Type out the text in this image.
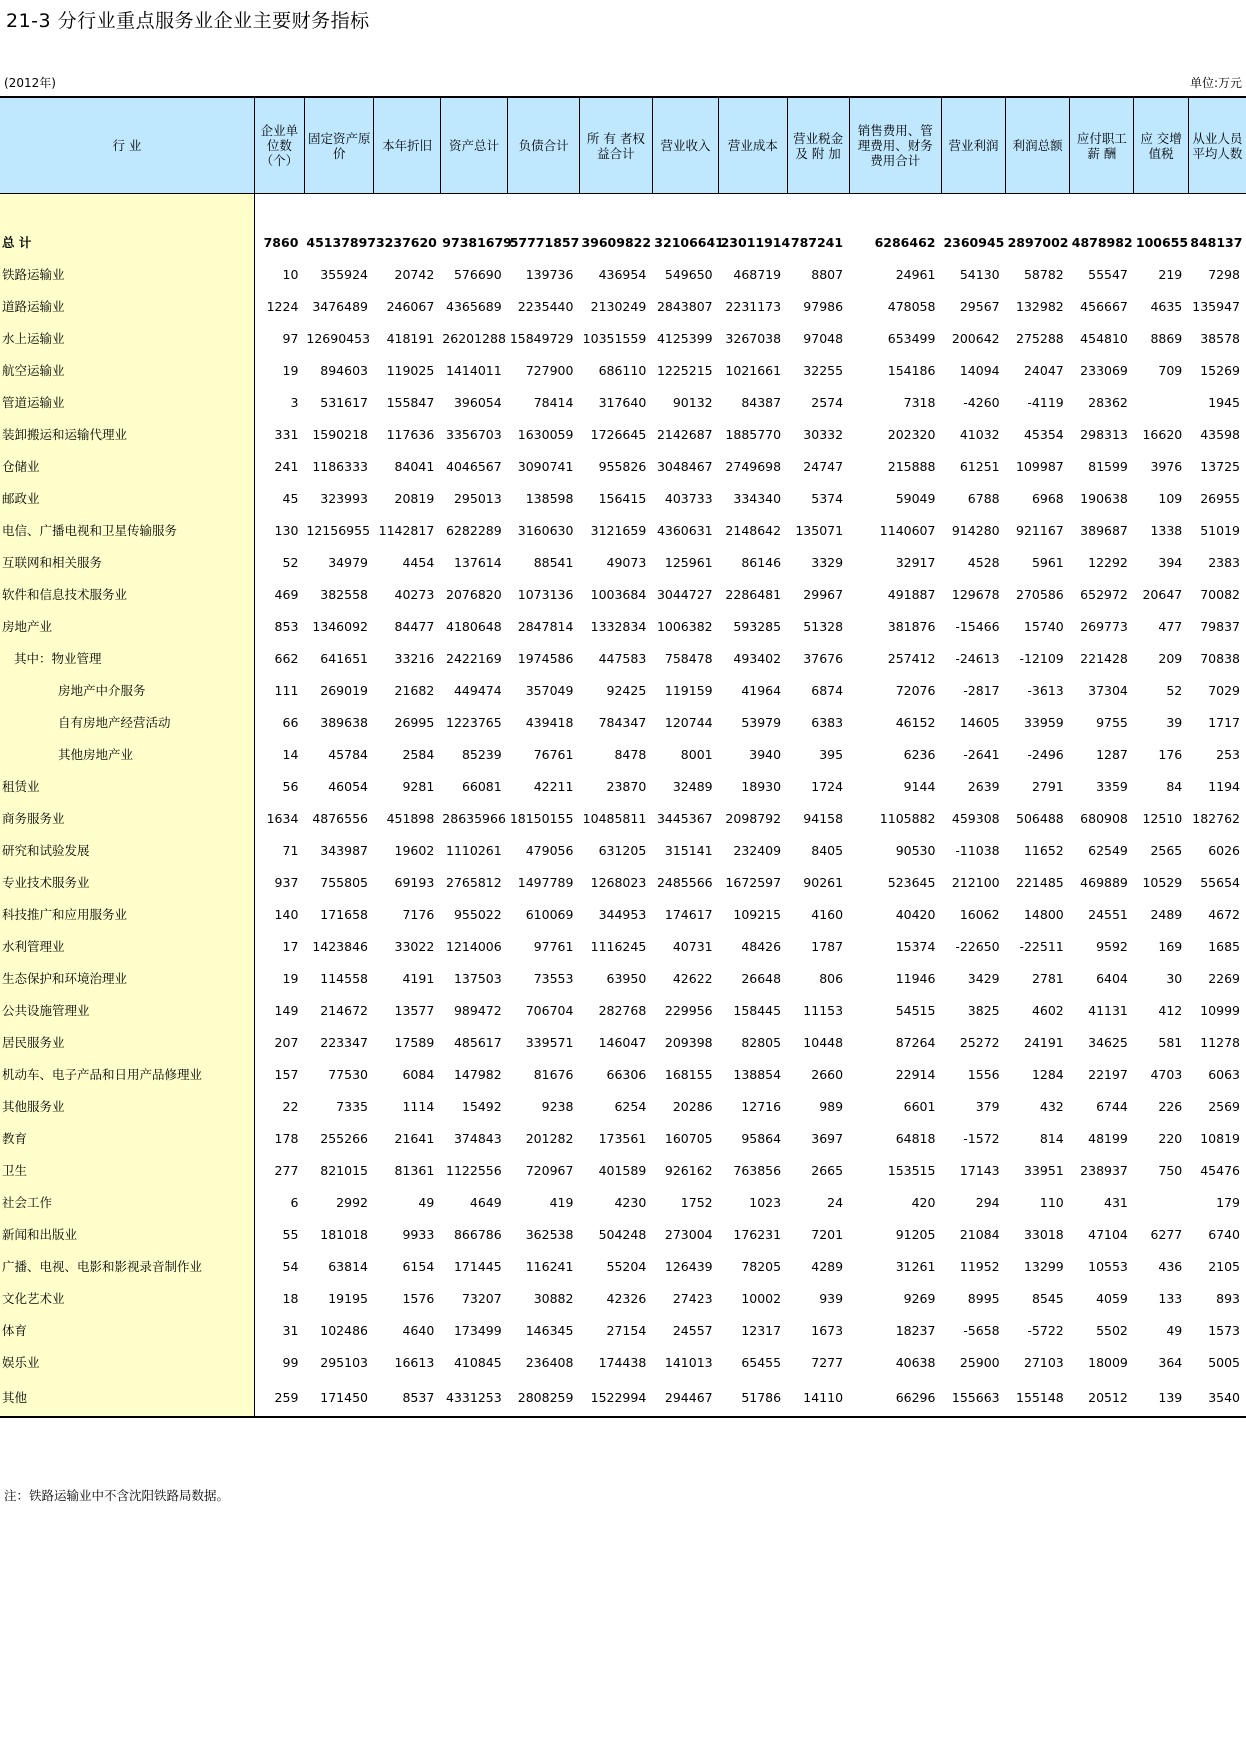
21-3 分行业重点服务业企业主要财务指标
(2012年)	单位:万元
行 业	企业单位数（个）	固定资产原 价	本年折旧	资产总计	负债合计	所 有 者权益合计	营业收入	营业成本	营业税金及 附 加	销售费用、管理费用、财务费用合计	营业利润	利润总额	应付职工薪 酬	应 交增值税	从业人员平均人数

总 计	7860	45137897	3237620	97381679	57771857	39609822	32106641	23011914	787241	6286462	2360945	2897002	4878982	100655	848137
铁路运输业	10	355924	20742	576690	139736	436954	549650	468719	8807	24961	54130	58782	55547	219	7298
道路运输业	1224	3476489	246067	4365689	2235440	2130249	2843807	2231173	97986	478058	29567	132982	456667	4635	135947
水上运输业	97	12690453	418191	26201288	15849729	10351559	4125399	3267038	97048	653499	200642	275288	454810	8869	38578
航空运输业	19	894603	119025	1414011	727900	686110	1225215	1021661	32255	154186	14094	24047	233069	709	15269
管道运输业	3	531617	155847	396054	78414	317640	90132	84387	2574	7318	-4260	-4119	28362		1945
装卸搬运和运输代理业	331	1590218	117636	3356703	1630059	1726645	2142687	1885770	30332	202320	41032	45354	298313	16620	43598
仓储业	241	1186333	84041	4046567	3090741	955826	3048467	2749698	24747	215888	61251	109987	81599	3976	13725
邮政业	45	323993	20819	295013	138598	156415	403733	334340	5374	59049	6788	6968	190638	109	26955
电信、广播电视和卫星传输服务	130	12156955	1142817	6282289	3160630	3121659	4360631	2148642	135071	1140607	914280	921167	389687	1338	51019
互联网和相关服务	52	34979	4454	137614	88541	49073	125961	86146	3329	32917	4528	5961	12292	394	2383
软件和信息技术服务业	469	382558	40273	2076820	1073136	1003684	3044727	2286481	29967	491887	129678	270586	652972	20647	70082
房地产业	853	1346092	84477	4180648	2847814	1332834	1006382	593285	51328	381876	-15466	15740	269773	477	79837
其中：物业管理	662	641651	33216	2422169	1974586	447583	758478	493402	37676	257412	-24613	-12109	221428	209	70838
房地产中介服务	111	269019	21682	449474	357049	92425	119159	41964	6874	72076	-2817	-3613	37304	52	7029
自有房地产经营活动	66	389638	26995	1223765	439418	784347	120744	53979	6383	46152	14605	33959	9755	39	1717
其他房地产业	14	45784	2584	85239	76761	8478	8001	3940	395	6236	-2641	-2496	1287	176	253
租赁业	56	46054	9281	66081	42211	23870	32489	18930	1724	9144	2639	2791	3359	84	1194
商务服务业	1634	4876556	451898	28635966	18150155	10485811	3445367	2098792	94158	1105882	459308	506488	680908	12510	182762
研究和试验发展	71	343987	19602	1110261	479056	631205	315141	232409	8405	90530	-11038	11652	62549	2565	6026
专业技术服务业	937	755805	69193	2765812	1497789	1268023	2485566	1672597	90261	523645	212100	221485	469889	10529	55654
科技推广和应用服务业	140	171658	7176	955022	610069	344953	174617	109215	4160	40420	16062	14800	24551	2489	4672
水利管理业	17	1423846	33022	1214006	97761	1116245	40731	48426	1787	15374	-22650	-22511	9592	169	1685
生态保护和环境治理业	19	114558	4191	137503	73553	63950	42622	26648	806	11946	3429	2781	6404	30	2269
公共设施管理业	149	214672	13577	989472	706704	282768	229956	158445	11153	54515	3825	4602	41131	412	10999
居民服务业	207	223347	17589	485617	339571	146047	209398	82805	10448	87264	25272	24191	34625	581	11278
机动车、电子产品和日用产品修理业	157	77530	6084	147982	81676	66306	168155	138854	2660	22914	1556	1284	22197	4703	6063
其他服务业	22	7335	1114	15492	9238	6254	20286	12716	989	6601	379	432	6744	226	2569
教育	178	255266	21641	374843	201282	173561	160705	95864	3697	64818	-1572	814	48199	220	10819
卫生	277	821015	81361	1122556	720967	401589	926162	763856	2665	153515	17143	33951	238937	750	45476
社会工作	6	2992	49	4649	419	4230	1752	1023	24	420	294	110	431		179
新闻和出版业	55	181018	9933	866786	362538	504248	273004	176231	7201	91205	21084	33018	47104	6277	6740
广播、电视、电影和影视录音制作业	54	63814	6154	171445	116241	55204	126439	78205	4289	31261	11952	13299	10553	436	2105
文化艺术业	18	19195	1576	73207	30882	42326	27423	10002	939	9269	8995	8545	4059	133	893
体育	31	102486	4640	173499	146345	27154	24557	12317	1673	18237	-5658	-5722	5502	49	1573
娱乐业	99	295103	16613	410845	236408	174438	141013	65455	7277	40638	25900	27103	18009	364	5005
其他	259	171450	8537	4331253	2808259	1522994	294467	51786	14110	66296	155663	155148	20512	139	3540
注：铁路运输业中不含沈阳铁路局数据。
